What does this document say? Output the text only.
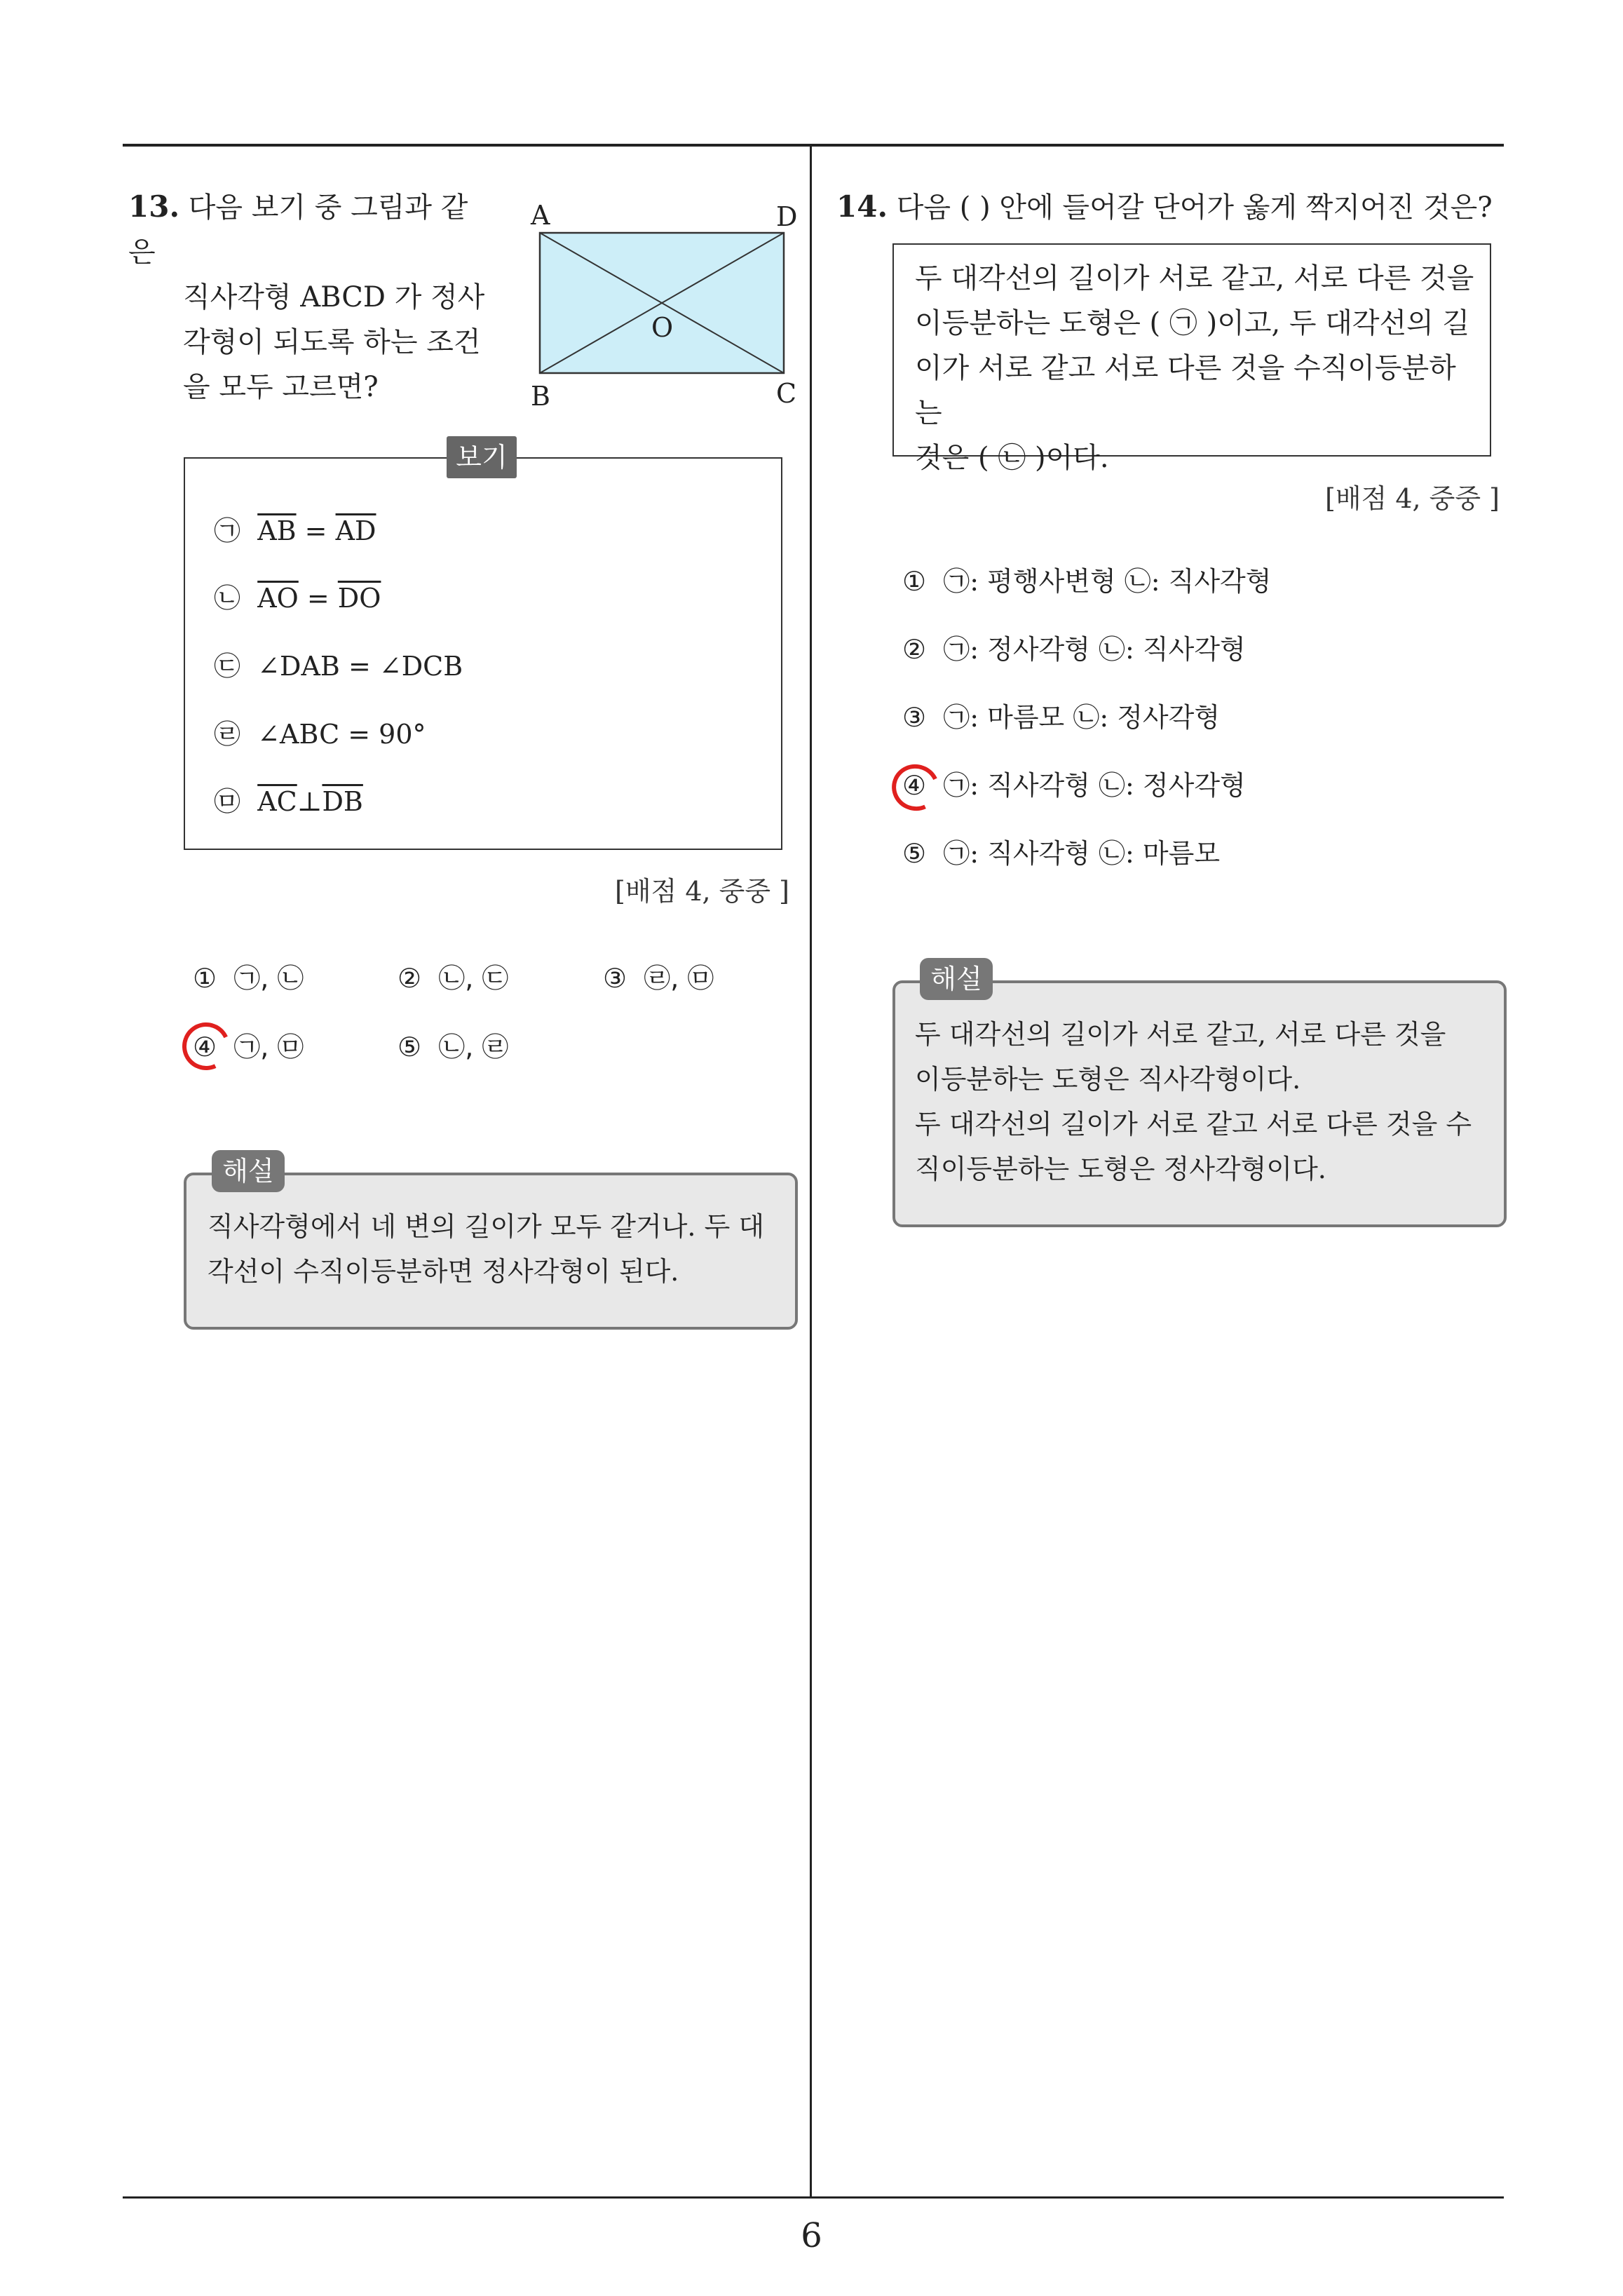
6
13. 다음 보기 중 그림과 같은
직사각형 ABCD 가 정사
각형이 되도록 하는 조건
을 모두 고르면?
A	D
B	C
O
보기
㉠ $\overline{AB} = \overline{AD}$
㉡ $\overline{AO} = \overline{DO}$
㉢ ∠DAB = ∠DCB
㉣ ∠ABC = 90°
㉤ $\overline{AC}\perp\overline{DB}$
[배점 4, 중중 ]
① ㉠, ㉡	② ㉡, ㉢	③ ㉣, ㉤
④ ㉠, ㉤	⑤ ㉡, ㉣
해설
직사각형에서 네 변의 길이가 모두 같거나. 두 대
각선이 수직이등분하면 정사각형이 된다.
14. 다음 ( ) 안에 들어갈 단어가 옳게 짝지어진 것은?
두 대각선의 길이가 서로 같고, 서로 다른 것을
이등분하는 도형은 ( ㉠ )이고, 두 대각선의 길
이가 서로 같고 서로 다른 것을 수직이등분하는
것은 ( ㉡ )이다.
[배점 4, 중중 ]
① ㉠: 평행사변형 ㉡: 직사각형
② ㉠: 정사각형 ㉡: 직사각형
③ ㉠: 마름모 ㉡: 정사각형
④ ㉠: 직사각형 ㉡: 정사각형
⑤ ㉠: 직사각형 ㉡: 마름모
해설
두 대각선의 길이가 서로 같고, 서로 다른 것을
이등분하는 도형은 직사각형이다.
두 대각선의 길이가 서로 같고 서로 다른 것을 수
직이등분하는 도형은 정사각형이다.
